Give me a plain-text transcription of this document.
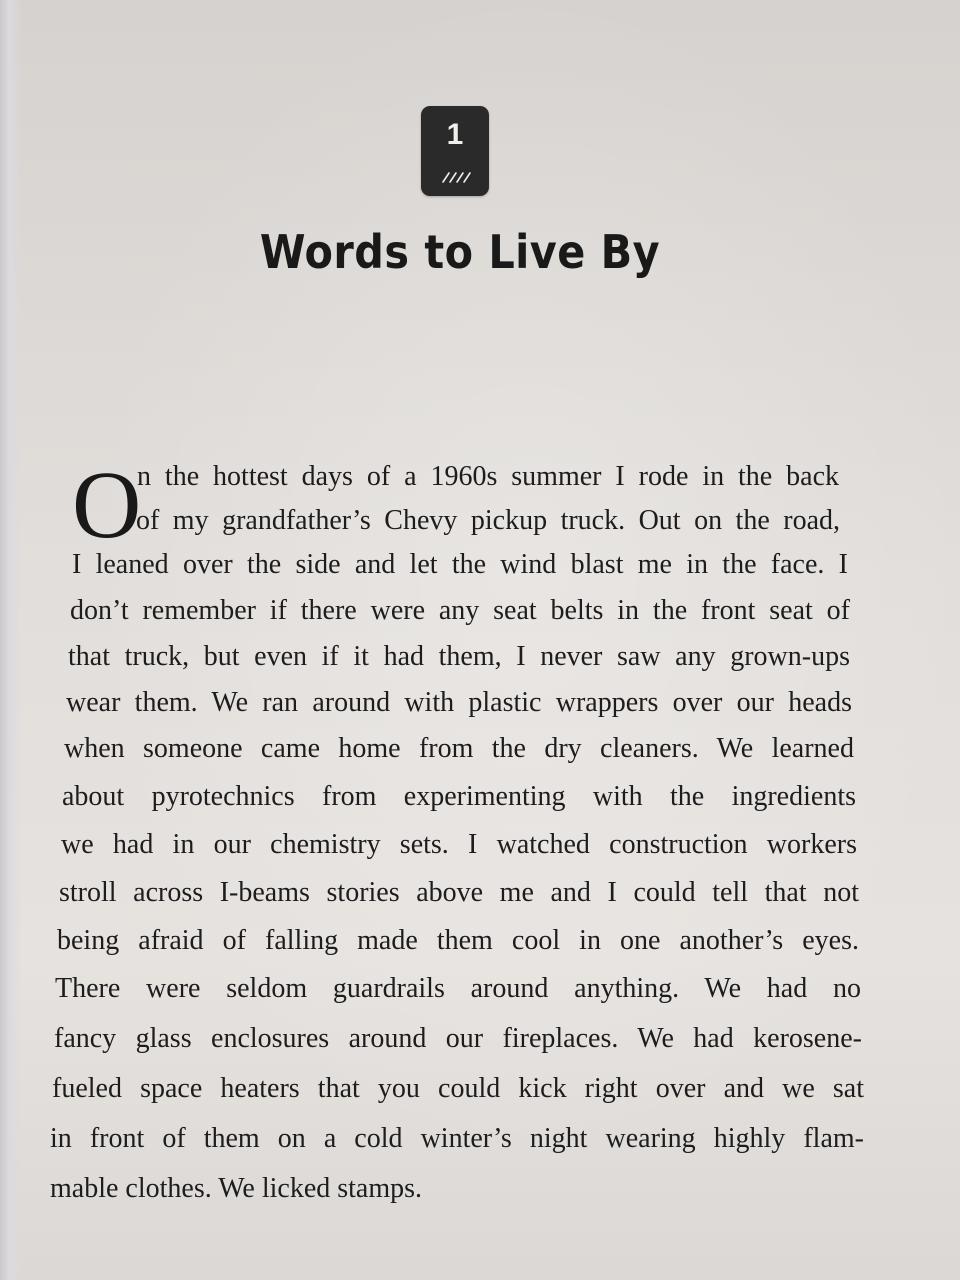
1
Words to Live By
O
n the hottest days of a 1960s summer I rode in the back
of my grandfather’s Chevy pickup truck. Out on the road,
I leaned over the side and let the wind blast me in the face. I
don’t remember if there were any seat belts in the front seat of
that truck, but even if it had them, I never saw any grown-ups
wear them. We ran around with plastic wrappers over our heads
when someone came home from the dry cleaners. We learned
about pyrotechnics from experimenting with the ingredients
we had in our chemistry sets. I watched construction workers
stroll across I-beams stories above me and I could tell that not
being afraid of falling made them cool in one another’s eyes.
There were seldom guardrails around anything. We had no
fancy glass enclosures around our fireplaces. We had kerosene-
fueled space heaters that you could kick right over and we sat
in front of them on a cold winter’s night wearing highly flam-
mable clothes. We licked stamps.
